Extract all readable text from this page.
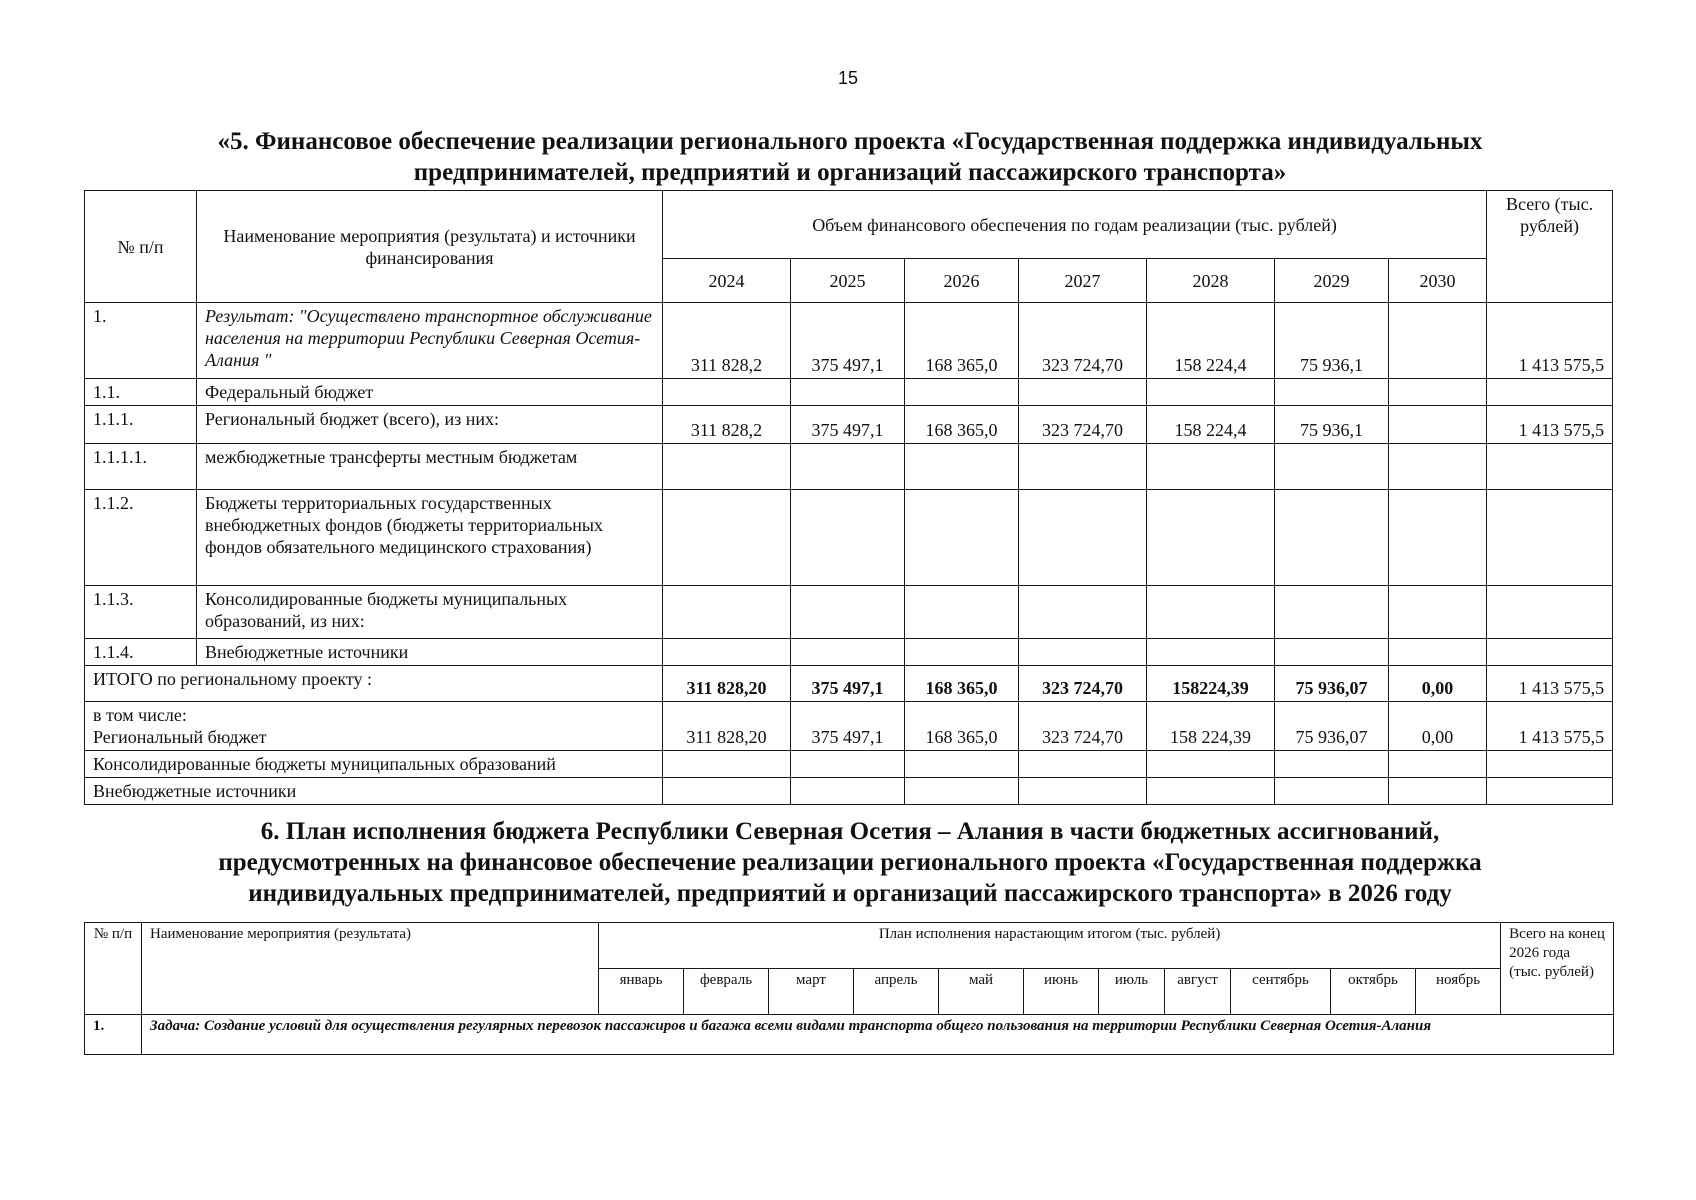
15
«5. Финансовое обеспечение реализации регионального проекта «Государственная поддержка индивидуальных
предпринимателей, предприятий и организаций пассажирского транспорта»
№ п/п	Наименование мероприятия (результата) и источники финансирования	Объем финансового обеспечения по годам реализации (тыс. рублей)							Всего (тыс. рублей)
		2024	2025	2026	2027	2028	2029	2030	
1.	Результат: "Осуществлено транспортное обслуживание населения на территории Республики Северная Осетия-Алания "	311 828,2	375 497,1	168 365,0	323 724,70	158 224,4	75 936,1		1 413 575,5
1.1.	Федеральный бюджет								
1.1.1.	Региональный бюджет (всего), из них:	311 828,2	375 497,1	168 365,0	323 724,70	158 224,4	75 936,1		1 413 575,5
1.1.1.1.	межбюджетные трансферты местным бюджетам								
1.1.2.	Бюджеты территориальных государственных внебюджетных фондов (бюджеты территориальных фондов обязательного медицинского страхования)								
1.1.3.	Консолидированные бюджеты муниципальных образований, из них:								
1.1.4.	Внебюджетные источники								
ИТОГО по региональному проекту :		311 828,20	375 497,1	168 365,0	323 724,70	158224,39	75 936,07	0,00	1 413 575,5

в том числе:
Региональный бюджет		311 828,20	375 497,1	168 365,0	323 724,70	158 224,39	75 936,07	0,00	1 413 575,5
Консолидированные бюджеты муниципальных образований									
Внебюджетные источники									
6. План исполнения бюджета Республики Северная Осетия – Алания в части бюджетных ассигнований,
предусмотренных на финансовое обеспечение реализации регионального проекта «Государственная поддержка
индивидуальных предпринимателей, предприятий и организаций пассажирского транспорта» в 2026 году
№ п/п	Наименование мероприятия (результата)	План исполнения нарастающим итогом (тыс. рублей)											Всего на конец 2026 года (тыс. рублей)
		январь	февраль	март	апрель	май	июнь	июль	август	сентябрь	октябрь	ноябрь	
1.	Задача: Создание условий для осуществления регулярных перевозок пассажиров и багажа всеми видами транспорта общего пользования на территории Республики Северная Осетия-Алания												
